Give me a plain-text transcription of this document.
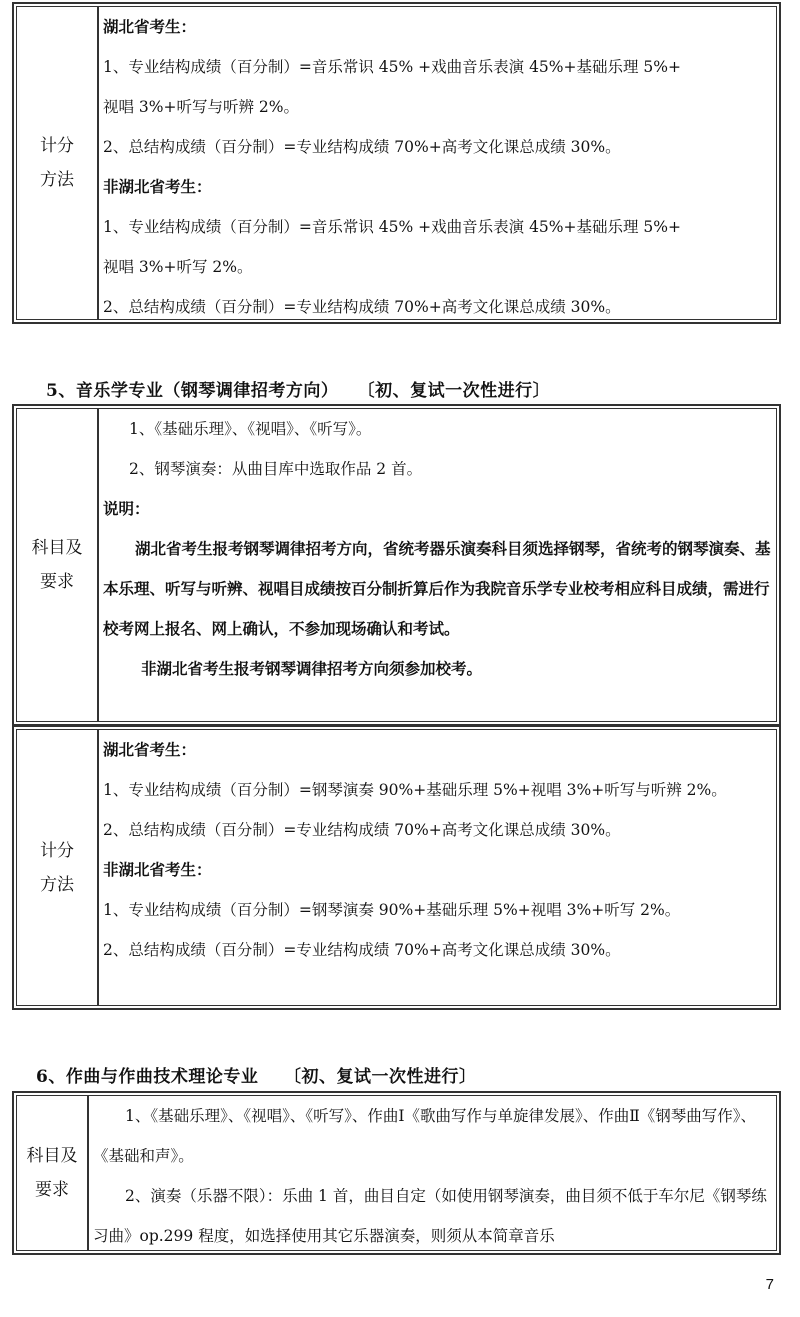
计分
方法
湖北省考生：
1、专业结构成绩（百分制）=音乐常识 45% +戏曲音乐表演 45%+基础乐理 5%+
视唱 3%+听写与听辨 2%。
2、总结构成绩（百分制）=专业结构成绩 70%+高考文化课总成绩 30%。
非湖北省考生：
1、专业结构成绩（百分制）=音乐常识 45% +戏曲音乐表演 45%+基础乐理 5%+
视唱 3%+听写 2%。
2、总结构成绩（百分制）=专业结构成绩 70%+高考文化课总成绩 30%。
5、音乐学专业（钢琴调律招考方向）   〔初、复试一次性进行〕
科目及
要求
1、《基础乐理》、《视唱》、《听写》。
2、钢琴演奏：从曲目库中选取作品 2 首。
说明：
湖北省考生报考钢琴调律招考方向，省统考器乐演奏科目须选择钢琴，省统考的钢琴演奏、基本乐理、听写与听辨、视唱目成绩按百分制折算后作为我院音乐学专业校考相应科目成绩，需进行校考网上报名、网上确认，不参加现场确认和考试。
非湖北省考生报考钢琴调律招考方向须参加校考。
计分
方法
湖北省考生：
1、专业结构成绩（百分制）=钢琴演奏 90%+基础乐理 5%+视唱 3%+听写与听辨 2%。
2、总结构成绩（百分制）=专业结构成绩 70%+高考文化课总成绩 30%。
非湖北省考生：
1、专业结构成绩（百分制）=钢琴演奏 90%+基础乐理 5%+视唱 3%+听写 2%。
2、总结构成绩（百分制）=专业结构成绩 70%+高考文化课总成绩 30%。
6、作曲与作曲技术理论专业    〔初、复试一次性进行〕
科目及
要求
1、《基础乐理》、《视唱》、《听写》、作曲Ⅰ《歌曲写作与单旋律发展》、作曲Ⅱ《钢琴曲写作》、《基础和声》。
2、演奏（乐器不限）：乐曲 1 首，曲目自定（如使用钢琴演奏，曲目须不低于车尔尼《钢琴练习曲》op.299 程度，如选择使用其它乐器演奏，则须从本简章音乐
7
